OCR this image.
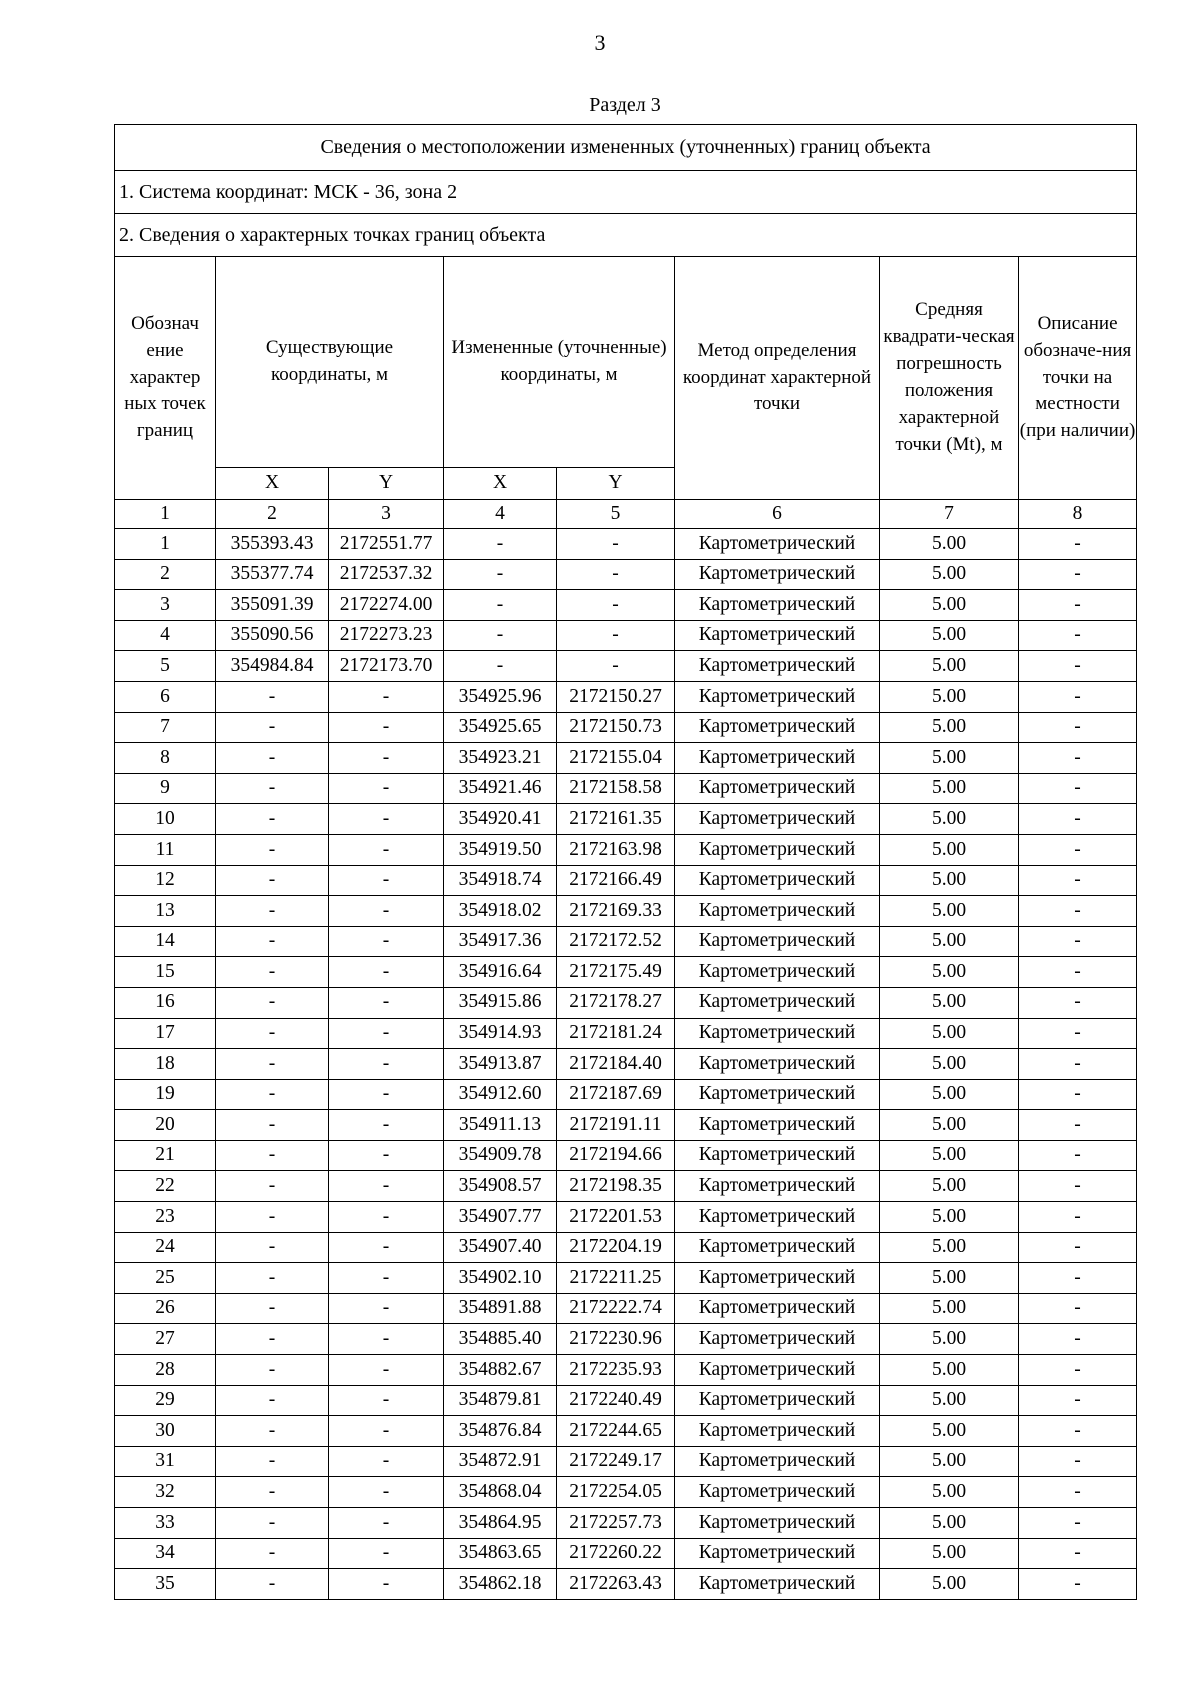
3
Раздел 3
Сведения о местоположении измененных (уточненных) границ объекта							
1. Система координат: МСК - 36, зона 2							
2. Сведения о характерных точках границ объекта							
Обознач ение характер ных точек границ	Существующие координаты, м		Измененные (уточненные) координаты, м		Метод определения координат характерной точки	Средняя квадрати-ческая погрешность положения характерной точки (Mt), м	Описание обозначе-ния точки на местности (при наличии)
	X	Y	X	Y			
1	2	3	4	5	6	7	8
1	355393.43	2172551.77	-	-	Картометрический	5.00	-
2	355377.74	2172537.32	-	-	Картометрический	5.00	-
3	355091.39	2172274.00	-	-	Картометрический	5.00	-
4	355090.56	2172273.23	-	-	Картометрический	5.00	-
5	354984.84	2172173.70	-	-	Картометрический	5.00	-
6	-	-	354925.96	2172150.27	Картометрический	5.00	-
7	-	-	354925.65	2172150.73	Картометрический	5.00	-
8	-	-	354923.21	2172155.04	Картометрический	5.00	-
9	-	-	354921.46	2172158.58	Картометрический	5.00	-
10	-	-	354920.41	2172161.35	Картометрический	5.00	-
11	-	-	354919.50	2172163.98	Картометрический	5.00	-
12	-	-	354918.74	2172166.49	Картометрический	5.00	-
13	-	-	354918.02	2172169.33	Картометрический	5.00	-
14	-	-	354917.36	2172172.52	Картометрический	5.00	-
15	-	-	354916.64	2172175.49	Картометрический	5.00	-
16	-	-	354915.86	2172178.27	Картометрический	5.00	-
17	-	-	354914.93	2172181.24	Картометрический	5.00	-
18	-	-	354913.87	2172184.40	Картометрический	5.00	-
19	-	-	354912.60	2172187.69	Картометрический	5.00	-
20	-	-	354911.13	2172191.11	Картометрический	5.00	-
21	-	-	354909.78	2172194.66	Картометрический	5.00	-
22	-	-	354908.57	2172198.35	Картометрический	5.00	-
23	-	-	354907.77	2172201.53	Картометрический	5.00	-
24	-	-	354907.40	2172204.19	Картометрический	5.00	-
25	-	-	354902.10	2172211.25	Картометрический	5.00	-
26	-	-	354891.88	2172222.74	Картометрический	5.00	-
27	-	-	354885.40	2172230.96	Картометрический	5.00	-
28	-	-	354882.67	2172235.93	Картометрический	5.00	-
29	-	-	354879.81	2172240.49	Картометрический	5.00	-
30	-	-	354876.84	2172244.65	Картометрический	5.00	-
31	-	-	354872.91	2172249.17	Картометрический	5.00	-
32	-	-	354868.04	2172254.05	Картометрический	5.00	-
33	-	-	354864.95	2172257.73	Картометрический	5.00	-
34	-	-	354863.65	2172260.22	Картометрический	5.00	-
35	-	-	354862.18	2172263.43	Картометрический	5.00	-
